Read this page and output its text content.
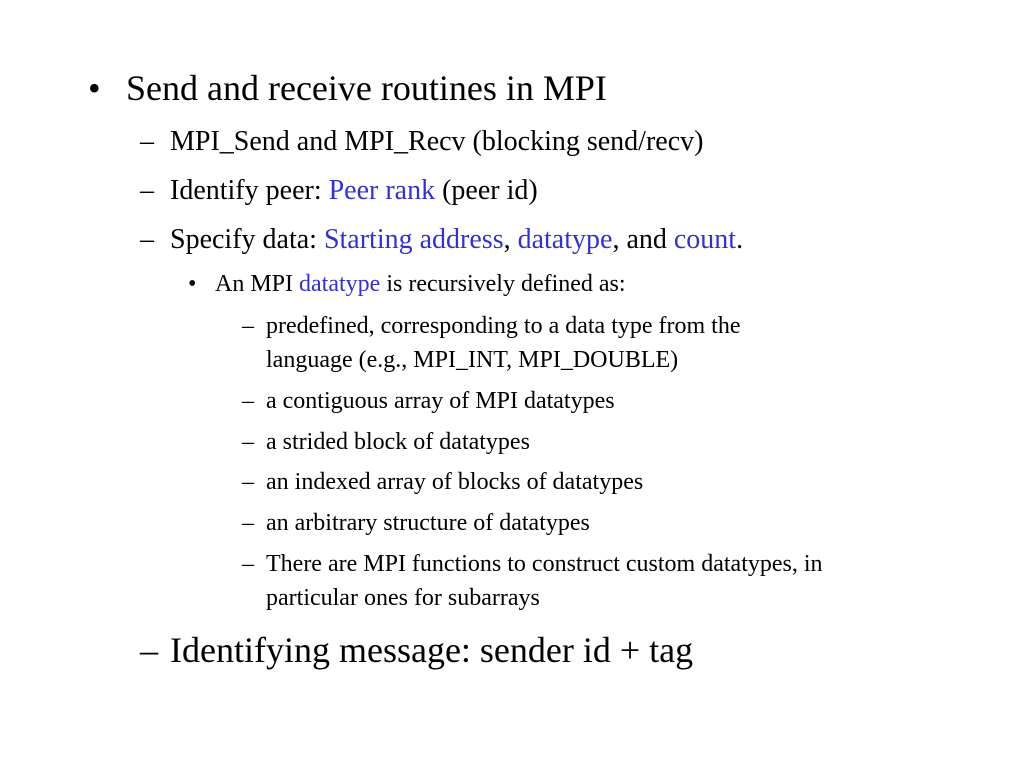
• Send and receive routines in MPI
– MPI_Send and MPI_Recv (blocking send/recv)
– Identify peer: Peer rank (peer id)
– Specify data: Starting address, datatype, and count.
• An MPI datatype is recursively defined as:
– predefined, corresponding to a data type from the
language (e.g., MPI_INT, MPI_DOUBLE)
– a contiguous array of MPI datatypes
– a strided block of datatypes
– an indexed array of blocks of datatypes
– an arbitrary structure of datatypes
– There are MPI functions to construct custom datatypes, in
particular ones for subarrays
– Identifying message: sender id + tag
